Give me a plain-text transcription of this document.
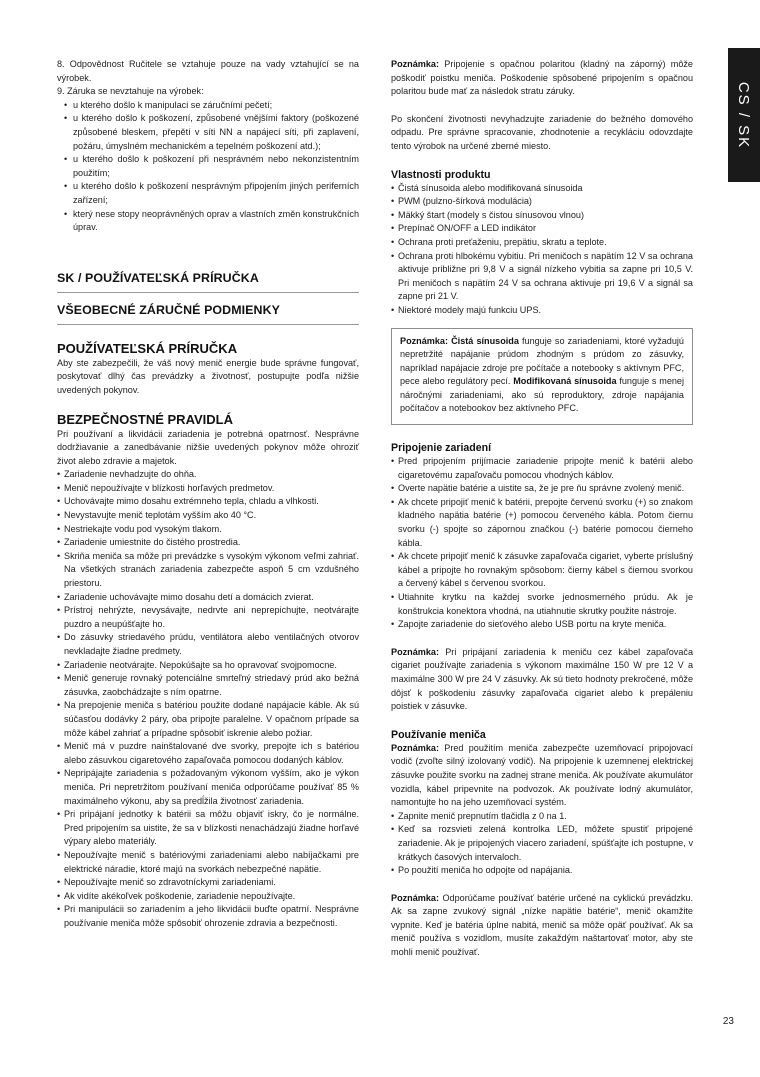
CS / SK

8. Odpovědnost Ručitele se vztahuje pouze na vady vztahující se na výrobek.

9. Záruka se nevztahuje na výrobek:

• u kterého došlo k manipulaci se záručními pečetí;
• u kterého došlo k poškození, způsobené vnějšími faktory (poškozené způsobené bleskem, přepětí v síti NN a napájecí síti, při zaplavení, požáru, úmyslném mechanickém a tepelném poškození atd.);
• u kterého došlo k poškození při nesprávném nebo nekonzistentním použitím;
• u kterého došlo k poškození nesprávným připojením jiných periferních zařízení;
• který nese stopy neoprávněných oprav a vlastních změn konstrukčních úprav.
SK / POUŽÍVATEĽSKÁ PRÍRUČKA
VŠEOBECNÉ ZÁRUČNÉ PODMIENKY
POUŽÍVATEĽSKÁ PRÍRUČKA

Aby ste zabezpečili, že váš nový menič energie bude správne fungovať, poskytovať dlhý čas prevádzky a životnosť, postupujte podľa nižšie uvedených pokynov.

BEZPEČNOSTNÉ PRAVIDLÁ

Pri používaní a likvidácii zariadenia je potrebná opatrnosť. Nesprávne dodržiavanie a zanedbávanie nižšie uvedených pokynov môže ohroziť život alebo zdravie a majetok.

• Zariadenie nevhadzujte do ohňa.
• Menič nepoužívajte v blízkosti horľavých predmetov.
• Uchovávajte mimo dosahu extrémneho tepla, chladu a vlhkosti.
• Nevystavujte menič teplotám vyšším ako 40 °C.
• Nestriekajte vodu pod vysokým tlakom.
• Zariadenie umiestnite do čistého prostredia.
• Skriňa meniča sa môže pri prevádzke s vysokým výkonom veľmi zahriať. Na všetkých stranách zariadenia zabezpečte aspoň 5 cm vzdušného priestoru.
• Zariadenie uchovávajte mimo dosahu detí a domácich zvierat.
• Prístroj nehrýzte, nevysávajte, nedrvte ani neprepichujte, neotvárajte puzdro a neupúšťajte ho.
• Do zásuvky striedavého prúdu, ventilátora alebo ventilačných otvorov nevkladajte žiadne predmety.
• Zariadenie neotvárajte. Nepokúšajte sa ho opravovať svojpomocne.
• Menič generuje rovnaký potenciálne smrteľný striedavý prúd ako bežná zásuvka, zaobchádzajte s ním opatrne.
• Na prepojenie meniča s batériou použite dodané napájacie káble. Ak sú súčasťou dodávky 2 páry, oba pripojte paralelne. V opačnom prípade sa môže kábel zahriať a prípadne spôsobiť iskrenie alebo požiar.
• Menič má v puzdre nainštalované dve svorky, prepojte ich s batériou alebo zásuvkou cigaretového zapaľovača pomocou dodaných káblov.
• Nepripájajte zariadenia s požadovaným výkonom vyšším, ako je výkon meniča. Pri nepretržitom používaní meniča odporúčame používať 85 % maximálneho výkonu, aby sa predĺžila životnosť zariadenia.
• Pri pripájaní jednotky k batérii sa môžu objaviť iskry, čo je normálne. Pred pripojením sa uistite, že sa v blízkosti nenachádzajú žiadne horľavé výpary alebo materiály.
• Nepoužívajte menič s batériovými zariadeniami alebo nabíjačkami pre elektrické náradie, ktoré majú na svorkách nebezpečné napätie.
• Nepoužívajte menič so zdravotníckymi zariadeniami.
• Ak vidíte akékoľvek poškodenie, zariadenie nepoužívajte.
• Pri manipulácii so zariadením a jeho likvidácii buďte opatrní. Nesprávne používanie meniča môže spôsobiť ohrozenie zdravia a bezpečnosti.

Poznámka: Pripojenie s opačnou polaritou (kladný na záporný) môže poškodiť poistku meniča. Poškodenie spôsobené pripojením s opačnou polaritou bude mať za následok stratu záruky.

Po skončení životnosti nevyhadzujte zariadenie do bežného domového odpadu. Pre správne spracovanie, zhodnotenie a recykláciu odovzdajte tento výrobok na určené zberné miesto.

Vlastnosti produktu
• Čistá sínusoida alebo modifikovaná sínusoida
• PWM (pulzno-šírková modulácia)
• Mäkký štart (modely s čistou sínusovou vlnou)
• Prepínač ON/OFF a LED indikátor
• Ochrana proti preťaženiu, prepätiu, skratu a teplote.
• Ochrana proti hlbokému vybitiu. Pri meničoch s napätím 12 V sa ochrana aktivuje približne pri 9,8 V a signál nízkeho vybitia sa zapne pri 10,5 V. Pri meničoch s napätím 24 V sa ochrana aktivuje pri 19,6 V a signál sa zapne pri 21 V.
• Niektoré modely majú funkciu UPS.

Poznámka: Čistá sínusoida funguje so zariadeniami, ktoré vyžadujú nepretržité napájanie prúdom zhodným s prúdom zo zásuvky, napríklad napájacie zdroje pre počítače a notebooky s aktívnym PFC, pece alebo regulátory pecí. Modifikovaná sínusoida funguje s menej náročnými zariadeniami, ako sú reproduktory, zdroje napájania počítačov a notebookov bez aktívneho PFC.

Pripojenie zariadení
• Pred pripojením prijímacie zariadenie pripojte menič k batérii alebo cigaretovému zapaľovaču pomocou vhodných káblov.
• Overte napätie batérie a uistite sa, že je pre ňu správne zvolený menič.
• Ak chcete pripojiť menič k batérii, prepojte červenú svorku (+) so znakom kladného napätia batérie (+) pomocou červeného kábla. Potom čiernu svorku (-) spojte so zápornou značkou (-) batérie pomocou čierneho kábla.
• Ak chcete pripojiť menič k zásuvke zapaľovača cigariet, vyberte príslušný kábel a pripojte ho rovnakým spôsobom: čierny kábel s čiernou svorkou a červený kábel s červenou svorkou.
• Utiahnite krytku na každej svorke jednosmerného prúdu. Ak je konštrukcia konektora vhodná, na utiahnutie skrutky použite nástroje.
• Zapojte zariadenie do sieťového alebo USB portu na kryte meniča.

Poznámka: Pri pripájaní zariadenia k meniču cez kábel zapaľovača cigariet používajte zariadenia s výkonom maximálne 150 W pre 12 V a maximálne 300 W pre 24 V zásuvky. Ak sú tieto hodnoty prekročené, môže dôjsť k poškodeniu zásuvky zapaľovača cigariet alebo k prepáleniu poistiek v zásuvke.

Používanie meniča

Poznámka: Pred použitím meniča zabezpečte uzemňovací pripojovací vodič (zvoľte silný izolovaný vodič). Na pripojenie k uzemnenej elektrickej zásuvke použite svorku na zadnej strane meniča. Ak používate akumulátor vozidla, kábel pripevnite na podvozok. Ak používate lodný akumulátor, namontujte ho na jeho uzemňovací systém.

• Zapnite menič prepnutím tlačidla z 0 na 1.
• Keď sa rozsvieti zelená kontrolka LED, môžete spustiť pripojené zariadenie. Ak je pripojených viacero zariadení, spúšťajte ich postupne, v krátkych časových intervaloch.
• Po použití meniča ho odpojte od napájania.

Poznámka: Odporúčame používať batérie určené na cyklickú prevádzku. Ak sa zapne zvukový signál „nízke napätie batérie“, menič okamžite vypnite. Keď je batéria úplne nabitá, menič sa môže opäť používať. Ak sa menič používa s vozidlom, musíte zakaždým naštartovať motor, aby ste mohli menič používať.

23
